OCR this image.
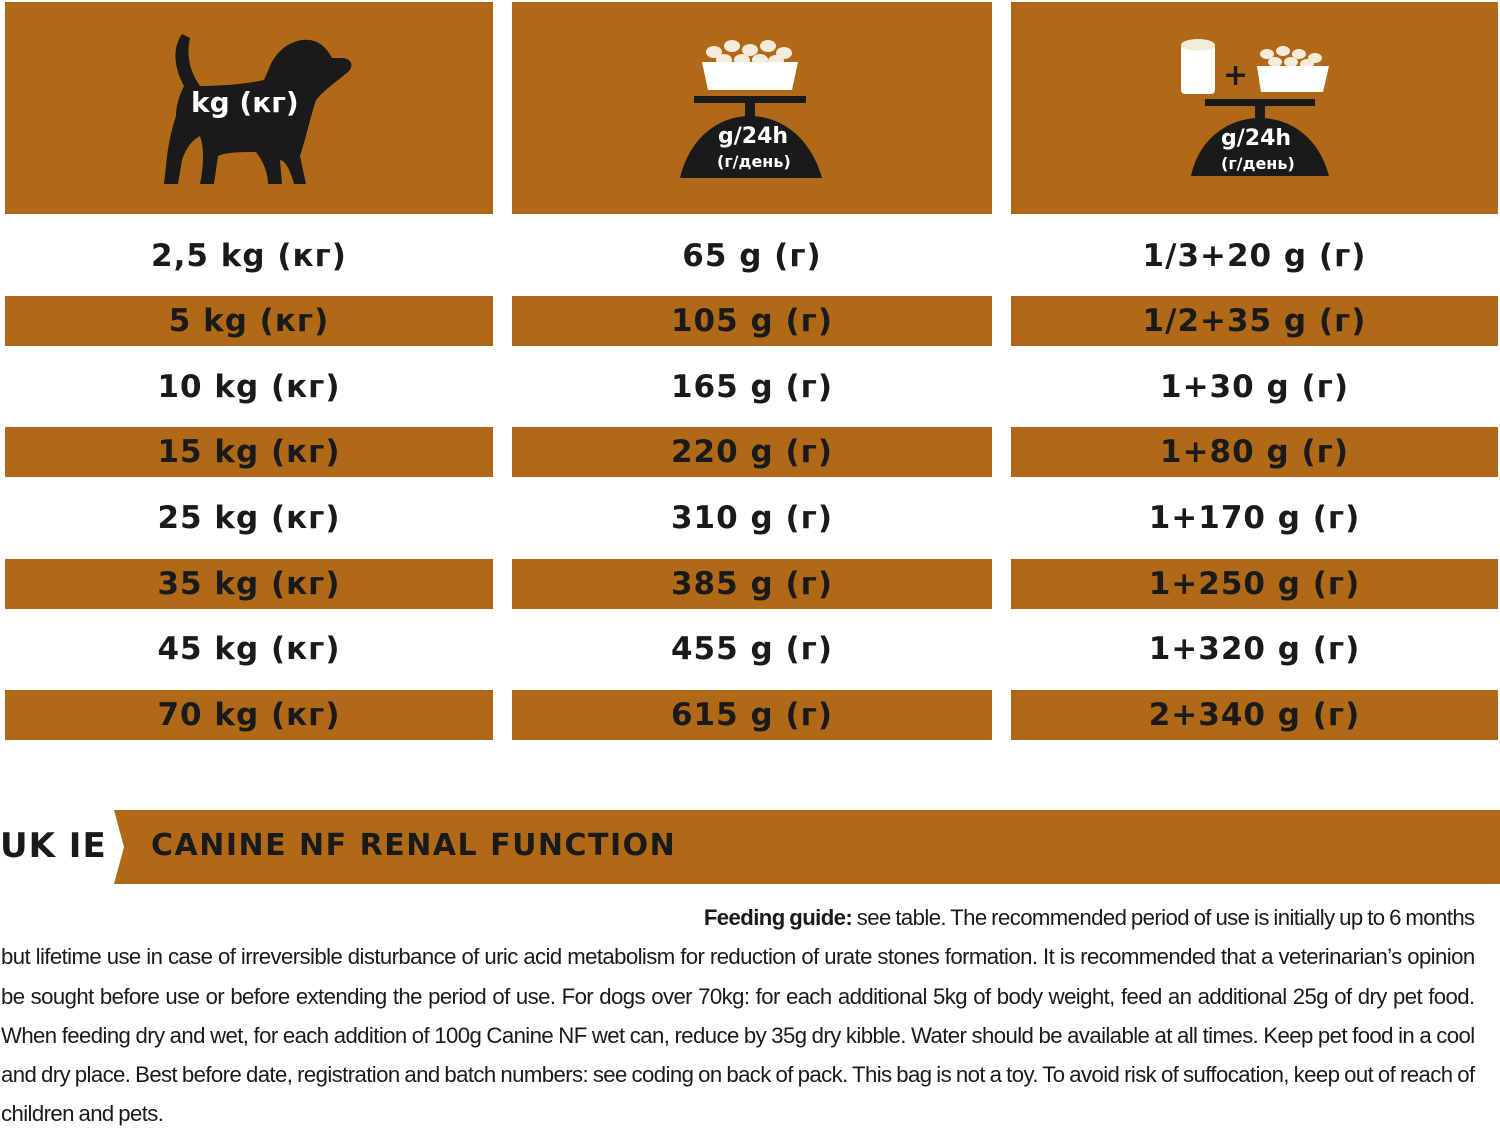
kg (кг)
g/24h
(г/день)
+
g/24h
(г/день)
2,5 kg (кг)	65 g (г)	1/3+20 g (г)
5 kg (кг)	105 g (г)	1/2+35 g (г)
10 kg (кг)	165 g (г)	1+30 g (г)
15 kg (кг)	220 g (г)	1+80 g (г)
25 kg (кг)	310 g (г)	1+170 g (г)
35 kg (кг)	385 g (г)	1+250 g (г)
45 kg (кг)	455 g (г)	1+320 g (г)
70 kg (кг)	615 g (г)	2+340 g (г)
UK IE CANINE NF RENAL FUNCTION
Feeding guide: see table. The recommended period of use is initially up to 6 months
but lifetime use in case of irreversible disturbance of uric acid metabolism for reduction of urate stones formation. It is recommended that a veterinarian’s opinion be sought before use or before extending the period of use. For dogs over 70kg: for each additional 5kg of body weight, feed an additional 25g of dry pet food. When feeding dry and wet, for each addition of 100g Canine NF wet can, reduce by 35g dry kibble. Water should be available at all times. Keep pet food in a cool and dry place. Best before date, registration and batch numbers: see coding on back of pack. This bag is not a toy. To avoid risk of suffocation, keep out of reach of children and pets.
